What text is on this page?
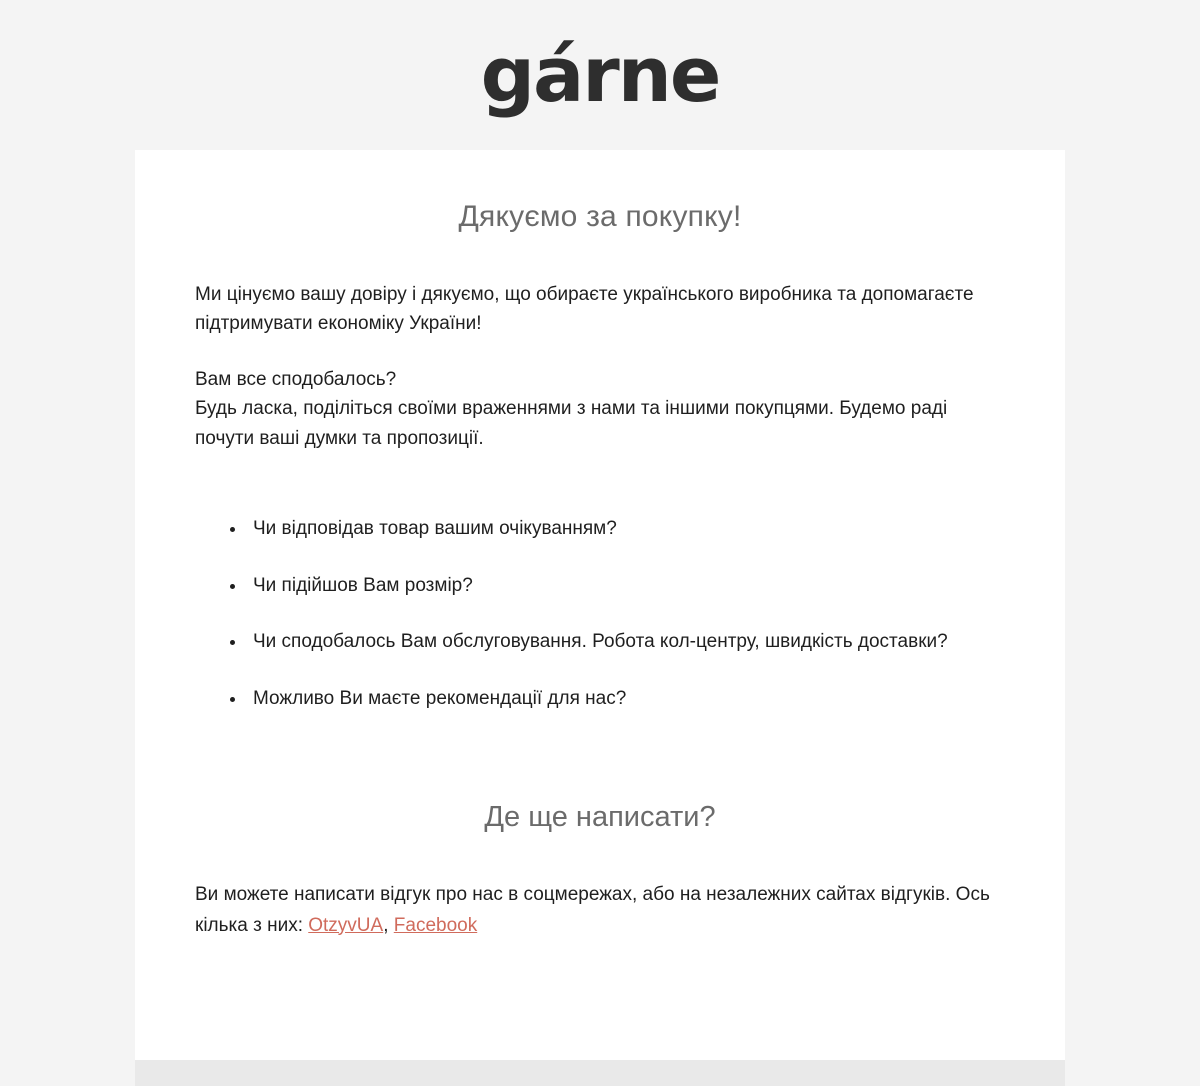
gárne
Дякуємо за покупку!

Ми цінуємо вашу довіру і дякуємо, що обираєте українського виробника та допомагаєте підтримувати економіку України!

Вам все сподобалось?

Будь ласка, поділіться своїми враженнями з нами та іншими покупцями. Будемо раді почути ваші думки та пропозиції.

• Чи відповідав товар вашим очікуванням?
• Чи підійшов Вам розмір?
• Чи сподобалось Вам обслуговування. Робота кол-центру, швидкість доставки?
• Можливо Ви маєте рекомендації для нас?
Де ще написати?
Ви можете написати відгук про нас в соцмережах, або на незалежних сайтах відгуків. Ось кілька з них: OtzyvUA, Facebook
